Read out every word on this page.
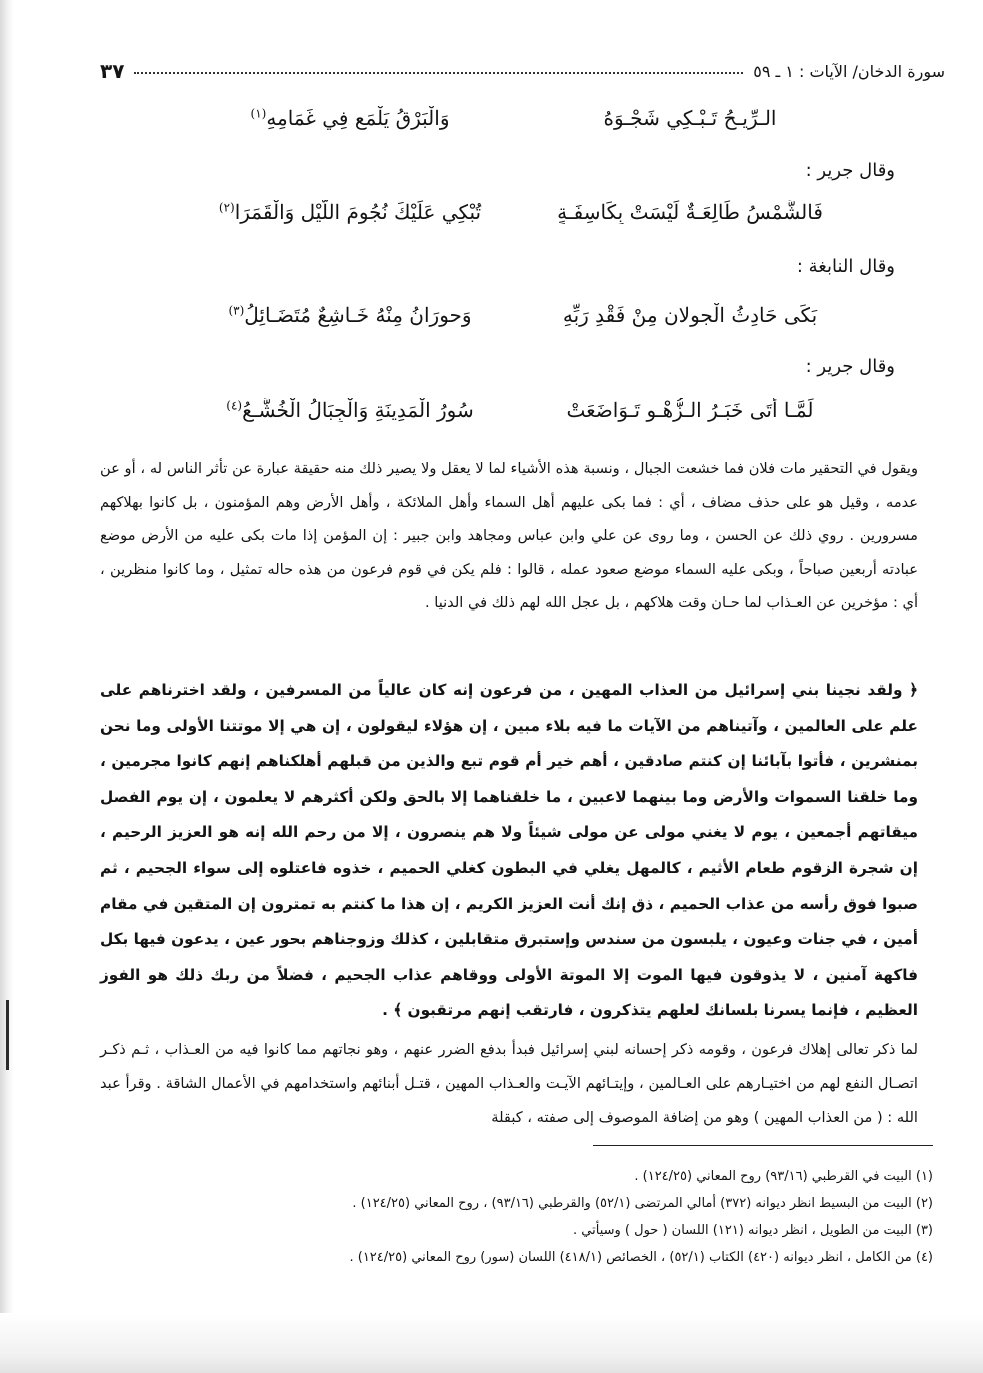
سورة الدخان/ الآيات : ١ ـ ٥٩
٣٧
الـرِّيـحُ تَـبْـكِي شَجْـوَهُ
وَالْبَرْقُ يَلْمَع فِي غَمَامِهِ$^{(١)}$
وقال جرير :
فَالشَّمْسُ طَالِعَـةٌ لَيْسَتْ بِكَاسِفَـةٍ
تُبْكِي عَلَيْكَ نُجُومَ اللَّيْلِ وَالْقَمَرَا$^{(٢)}$
وقال النابغة :
بَكَى حَادِثُ الْجولانِ مِنْ فَقْدِ رَبِّهِ
وَحورَانُ مِنْهُ خَـاشِعٌ مُتَضَـائِلُ$^{(٣)}$
وقال جرير :
لَمَّـا أَتَى خَبَـرُ الـزُّهْـوِ تَـوَاضَعَتْ
سُورُ الْمَدِينَةِ وَالْجِبَالُ الْخُشَّـعُ$^{(٤)}$

ويقول في التحقير مات فلان فما خشعت الجبال ، ونسبة هذه الأشياء لما لا يعقل ولا يصير ذلك منه حقيقة عبارة عن تأثر الناس له ، أو عن عدمه ، وقيل هو على حذف مضاف ، أي : فما بكى عليهم أهل السماء وأهل الملائكة ، وأهل الأرض وهم المؤمنون ، بل كانوا بهلاكهم مسرورين . روي ذلك عن الحسن ، وما روى عن علي وابن عباس ومجاهد وابن جبير : إن المؤمن إذا مات بكى عليه من الأرض موضع عبادته أربعين صباحاً ، وبكى عليه السماء موضع صعود عمله ، قالوا : فلم يكن في قوم فرعون من هذه حاله تمثيل ، وما كانوا منظرين ، أي : مؤخرين عن العـذاب لما حـان وقت هلاكهم ، بل عجل الله لهم ذلك في الدنيا .

﴿ ولقد نجينا بني إسرائيل من العذاب المهين ، من فرعون إنه كان عالياً من المسرفين ، ولقد اخترناهم على علم على العالمين ، وآتيناهم من الآيات ما فيه بلاء مبين ، إن هؤلاء ليقولون ، إن هي إلا موتتنا الأولى وما نحن بمنشرين ، فأتوا بآبائنا إن كنتم صادقين ، أهم خير أم قوم تبع والذين من قبلهم أهلكناهم إنهم كانوا مجرمين ، وما خلقنا السموات والأرض وما بينهما لاعبين ، ما خلقناهما إلا بالحق ولكن أكثرهم لا يعلمون ، إن يوم الفصل ميقاتهم أجمعين ، يوم لا يغني مولى عن مولى شيئاً ولا هم ينصرون ، إلا من رحم الله إنه هو العزيز الرحيم ، إن شجرة الزقوم طعام الأثيم ، كالمهل يغلي في البطون كغلي الحميم ، خذوه فاعتلوه إلى سواء الجحيم ، ثم صبوا فوق رأسه من عذاب الحميم ، ذق إنك أنت العزيز الكريم ، إن هذا ما كنتم به تمترون إن المتقين في مقام أمين ، في جنات وعيون ، يلبسون من سندس وإستبرق متقابلين ، كذلك وزوجناهم بحور عين ، يدعون فيها بكل فاكهة آمنين ، لا يذوقون فيها الموت إلا الموتة الأولى ووقاهم عذاب الجحيم ، فضلاً من ربك ذلك هو الفوز العظيم ، فإنما يسرنا بلسانك لعلهم يتذكرون ، فارتقب إنهم مرتقبون ﴾ .

لما ذكر تعالى إهلاك فرعون ، وقومه ذكر إحسانه لبني إسرائيل فبدأ بدفع الضرر عنهم ، وهو نجاتهم مما كانوا فيه من العـذاب ، ثـم ذكـر اتصـال النفع لهم من اختيـارهم على العـالمين ، وإيتـائهم الآيـت والعـذاب المهين ، قتـل أبنائهم واستخدامهم في الأعمال الشاقة . وقرأ عبد الله : ( من العذاب المهين ) وهو من إضافة الموصوف إلى صفته ، كبقلة

(١) البيت في القرطبي (٩٣/١٦) روح المعاني (١٢٤/٢٥) .
(٢) البيت من البسيط انظر ديوانه (٣٧٢) أمالي المرتضى (٥٢/١) والقرطبي (٩٣/١٦) ، روح المعاني (١٢٤/٢٥) .
(٣) البيت من الطويل ، انظر ديوانه (١٢١) اللسان ( حول ) وسيأتي .
(٤) من الكامل ، انظر ديوانه (٤٢٠) الكتاب (٥٢/١) ، الخصائص (٤١٨/١) اللسان (سور) روح المعاني (١٢٤/٢٥) .
